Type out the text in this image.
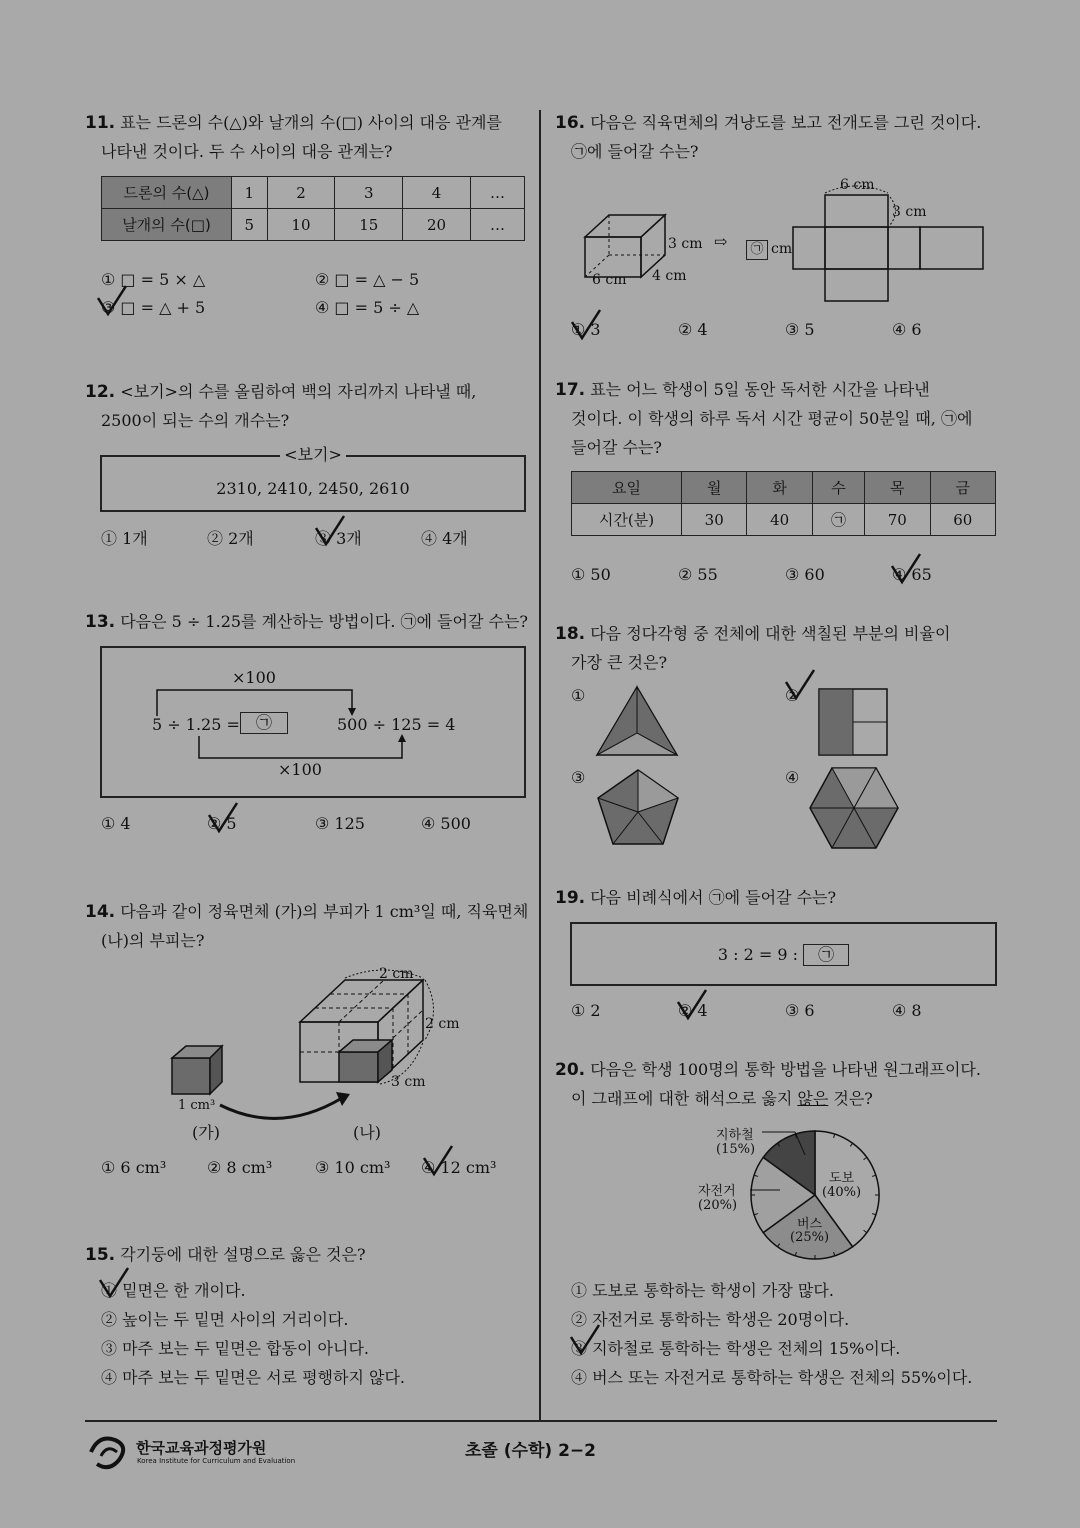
11. 표는 드론의 수(△)와 날개의 수(□) 사이의 대응 관계를
나타낸 것이다. 두 수 사이의 대응 관계는?
드론의 수(△)	1	2	3	4	…
날개의 수(□)	5	10	15	20	…
① □ = 5 × △	② □ = △ − 5
③ □ = △ + 5	④ □ = 5 ÷ △
12. <보기>의 수를 올림하여 백의 자리까지 나타낼 때,
2500이 되는 수의 개수는?
<보기>
2310, 2410, 2450, 2610
① 1개	② 2개	③ 3개	④ 4개
13. 다음은 5 ÷ 1.25를 계산하는 방법이다. ㉠에 들어갈 수는?
×100
×100
5 ÷ 1.25 =	㉠	500 ÷ 125 = 4
① 4	② 5	③ 125	④ 500
14. 다음과 같이 정육면체 (가)의 부피가 1 cm³일 때, 직육면체
(나)의 부피는?
2 cm
2 cm
3 cm
1 cm³
(가)	(나)
① 6 cm³	② 8 cm³	③ 10 cm³ ④ 12 cm³
15. 각기둥에 대한 설명으로 옳은 것은?
① 밑면은 한 개이다.
② 높이는 두 밑면 사이의 거리이다.
③ 마주 보는 두 밑면은 합동이 아니다.
④ 마주 보는 두 밑면은 서로 평행하지 않다.
16. 다음은 직육면체의 겨냥도를 보고 전개도를 그린 것이다.
㉠에 들어갈 수는?
3 cm
6 cm 4 cm
⇨	㉠ cm
6 cm
3 cm
① 3	② 4	③ 5	④ 6
17. 표는 어느 학생이 5일 동안 독서한 시간을 나타낸
것이다. 이 학생의 하루 독서 시간 평균이 50분일 때, ㉠에
들어갈 수는?
요일	월	화	수	목	금
시간(분)	30	40	㉠	70	60
① 50	② 55	③ 60	④ 65
18. 다음 정다각형 중 전체에 대한 색칠된 부분의 비율이
가장 큰 것은?
①	②
③	④
19. 다음 비례식에서 ㉠에 들어갈 수는?
3 : 2 = 9 : ㉠
① 2	② 4	③ 6	④ 8
20. 다음은 학생 100명의 통학 방법을 나타낸 원그래프이다.
이 그래프에 대한 해석으로 옳지 않은 것은?
지하철
(15%)
자전거
(20%)
도보
(40%)
버스
(25%)
① 도보로 통학하는 학생이 가장 많다.
② 자전거로 통학하는 학생은 20명이다.
③ 지하철로 통학하는 학생은 전체의 15%이다.
④ 버스 또는 자전거로 통학하는 학생은 전체의 55%이다.
한국교육과정평가원
Korea Institute for Curriculum and Evaluation	초졸 (수학) 2−2
